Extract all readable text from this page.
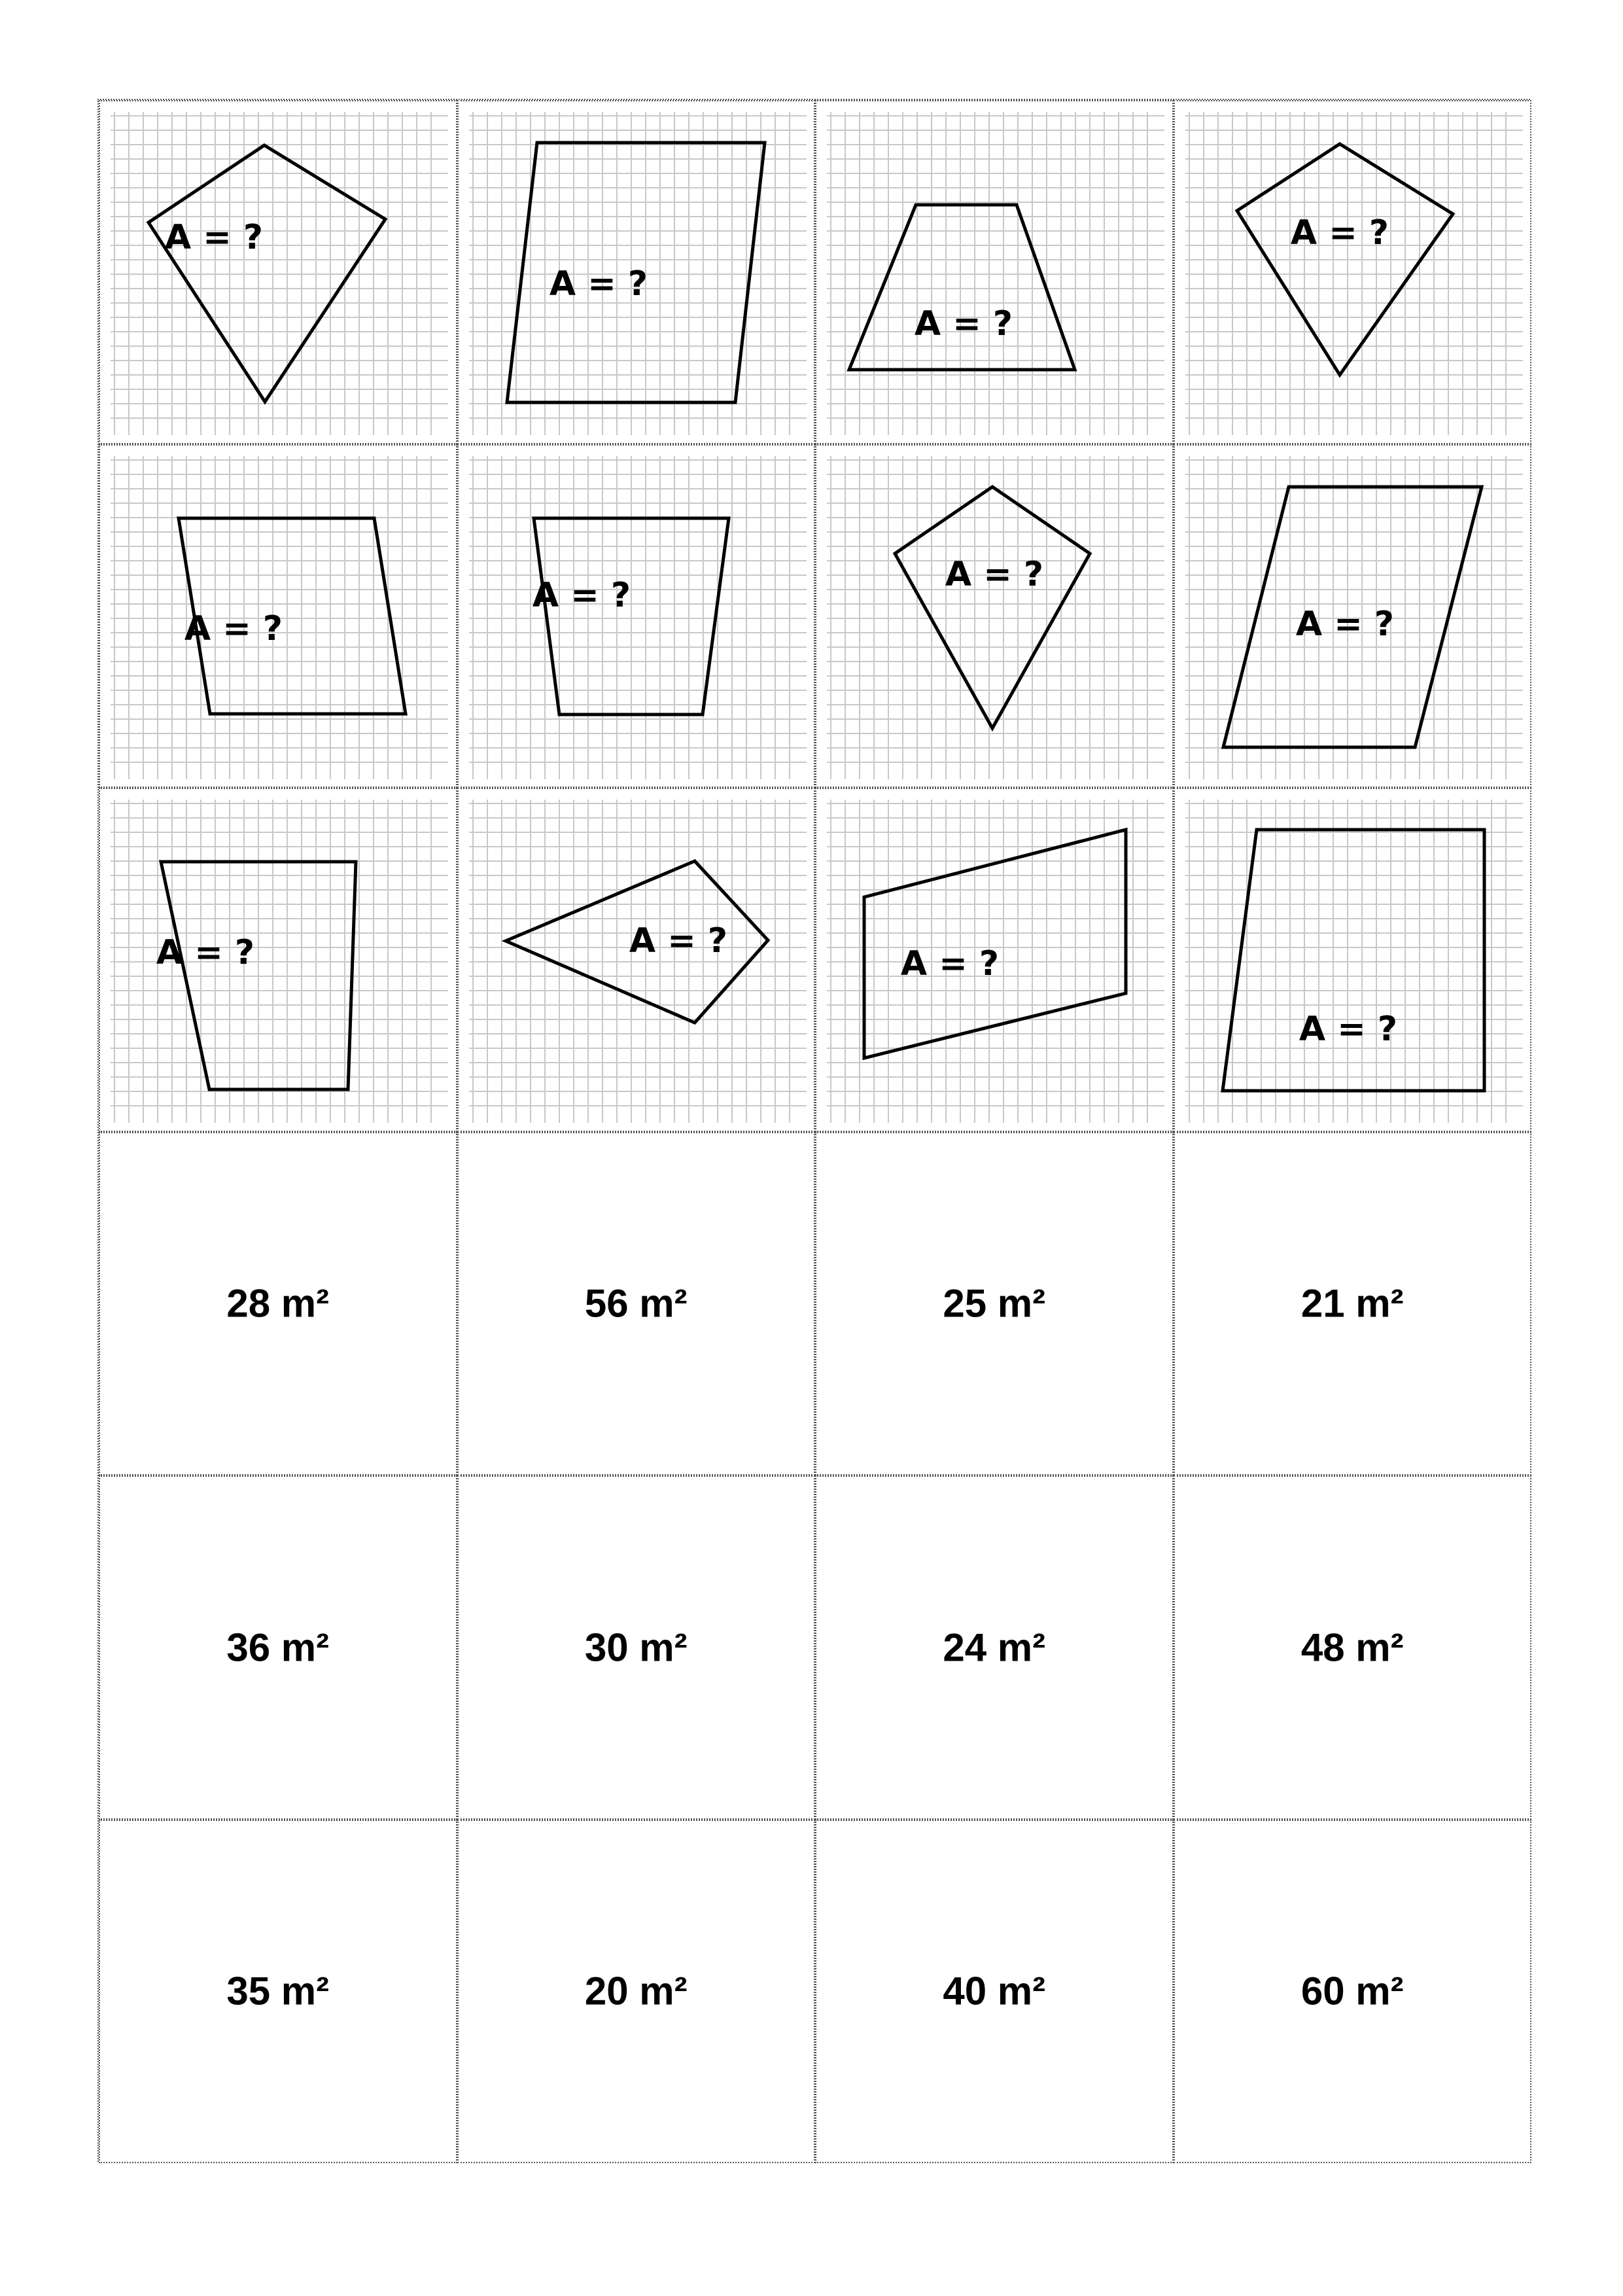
A = ?
A = ?
A = ?
A = ?
A = ?
A = ?
A = ?
A = ?
A = ?	A = ?
A = ?
A = ?
28 m²	56 m²	25 m²	21 m²
36 m²	30 m²	24 m²	48 m²
35 m²	20 m²	40 m²	60 m²
